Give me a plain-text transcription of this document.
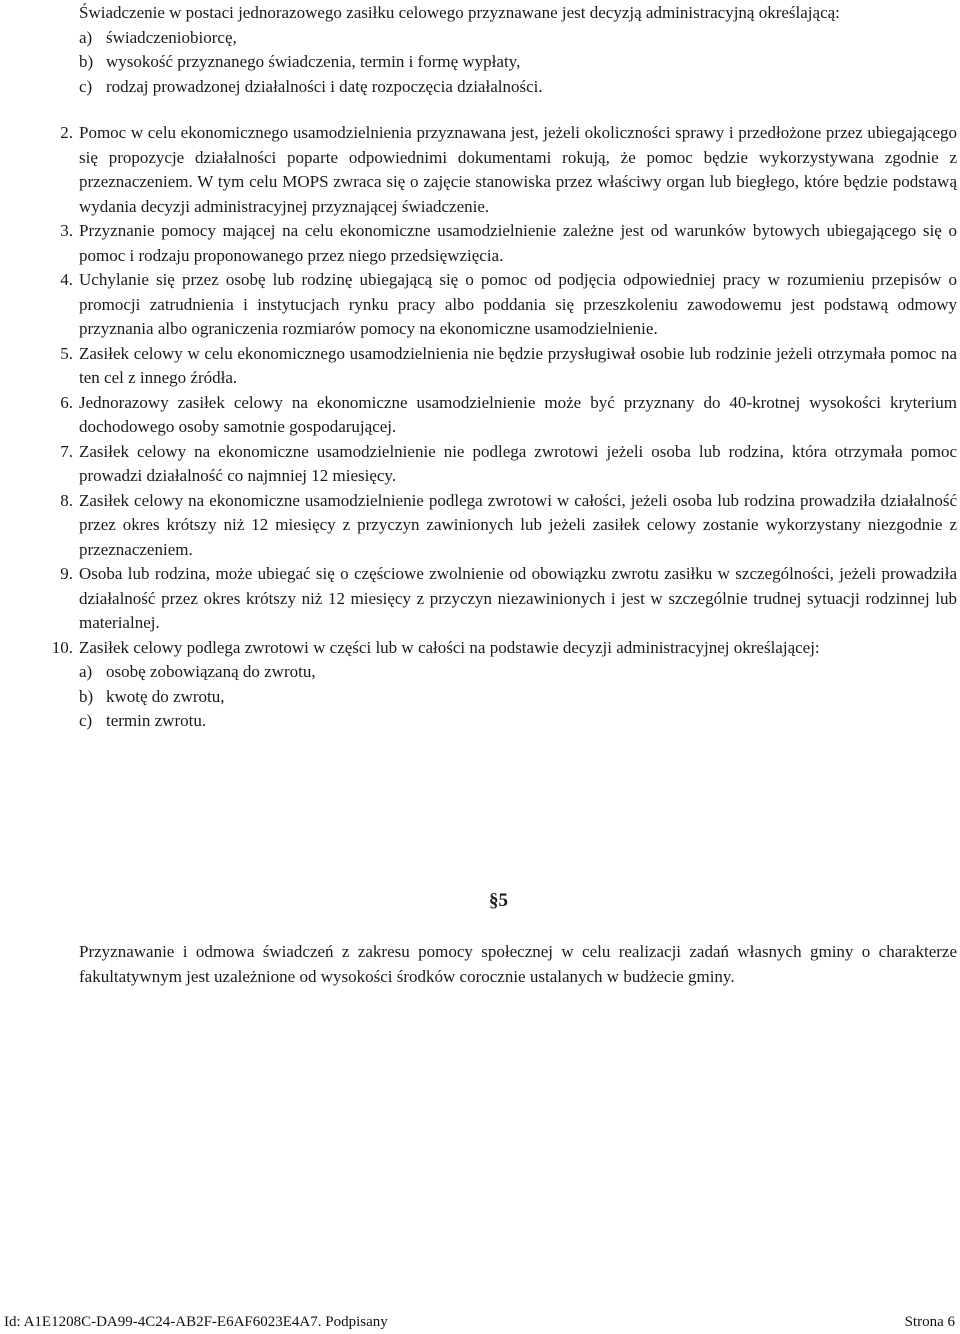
Świadczenie w postaci jednorazowego zasiłku celowego przyznawane jest decyzją administracyjną określającą:

a) świadczeniobiorcę,
b) wysokość przyznanego świadczenia, termin i formę wypłaty,
c) rodzaj prowadzonej działalności i datę rozpoczęcia działalności.
2. Pomoc w celu ekonomicznego usamodzielnienia przyznawana jest, jeżeli okoliczności sprawy i przedłożone przez ubiegającego się propozycje działalności poparte odpowiednimi dokumentami rokują, że pomoc będzie wykorzystywana zgodnie z przeznaczeniem. W tym celu MOPS zwraca się o zajęcie stanowiska przez właściwy organ lub biegłego, które będzie podstawą wydania decyzji administracyjnej przyznającej świadczenie.

3. Przyznanie pomocy mającej na celu ekonomiczne usamodzielnienie zależne jest od warunków bytowych ubiegającego się o pomoc i rodzaju proponowanego przez niego przedsięwzięcia.

4. Uchylanie się przez osobę lub rodzinę ubiegającą się o pomoc od podjęcia odpowiedniej pracy w rozumieniu przepisów o promocji zatrudnienia i instytucjach rynku pracy albo poddania się przeszkoleniu zawodowemu jest podstawą odmowy przyznania albo ograniczenia rozmiarów pomocy na ekonomiczne usamodzielnienie.

5. Zasiłek celowy w celu ekonomicznego usamodzielnienia nie będzie przysługiwał osobie lub rodzinie jeżeli otrzymała pomoc na ten cel z innego źródła.

6. Jednorazowy zasiłek celowy na ekonomiczne usamodzielnienie może być przyznany do 40-krotnej wysokości kryterium dochodowego osoby samotnie gospodarującej.

7. Zasiłek celowy na ekonomiczne usamodzielnienie nie podlega zwrotowi jeżeli osoba lub rodzina, która otrzymała pomoc prowadzi działalność co najmniej 12 miesięcy.

8. Zasiłek celowy na ekonomiczne usamodzielnienie podlega zwrotowi w całości, jeżeli osoba lub rodzina prowadziła działalność przez okres krótszy niż 12 miesięcy z przyczyn zawinionych lub jeżeli zasiłek celowy zostanie wykorzystany niezgodnie z przeznaczeniem.

9. Osoba lub rodzina, może ubiegać się o częściowe zwolnienie od obowiązku zwrotu zasiłku w szczególności, jeżeli prowadziła działalność przez okres krótszy niż 12 miesięcy z przyczyn niezawinionych i jest w szczególnie trudnej sytuacji rodzinnej lub materialnej.

10. Zasiłek celowy podlega zwrotowi w części lub w całości na podstawie decyzji administracyjnej określającej:

a) osobę zobowiązaną do zwrotu,
b) kwotę do zwrotu,
c) termin zwrotu.
§5

Przyznawanie i odmowa świadczeń z zakresu pomocy społecznej w celu realizacji zadań własnych gminy o charakterze fakultatywnym jest uzależnione od wysokości środków corocznie ustalanych w budżecie gminy.

Id: A1E1208C-DA99-4C24-AB2F-E6AF6023E4A7. Podpisany	Strona 6
